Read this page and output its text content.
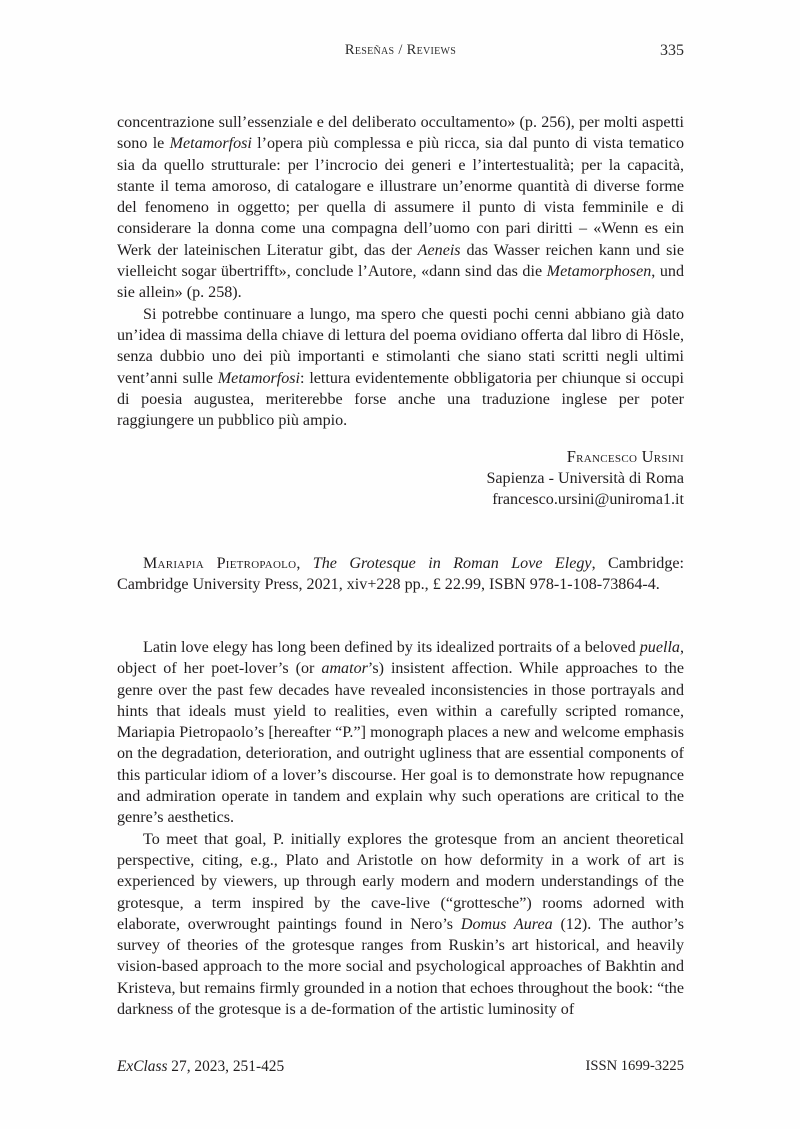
Reseñas / Reviews	335

concentrazione sull’essenziale e del deliberato occultamento» (p. 256), per molti aspetti sono le Metamorfosi l’opera più complessa e più ricca, sia dal punto di vista tematico sia da quello strutturale: per l’incrocio dei generi e l’intertestualità; per la capacità, stante il tema amoroso, di catalogare e illustrare un’enorme quantità di diverse forme del fenomeno in oggetto; per quella di assumere il punto di vista femminile e di considerare la donna come una compagna dell’uomo con pari diritti – «Wenn es ein Werk der lateinischen Literatur gibt, das der Aeneis das Wasser reichen kann und sie vielleicht sogar übertrifft», conclude l’Autore, «dann sind das die Metamorphosen, und sie allein» (p. 258).

Si potrebbe continuare a lungo, ma spero che questi pochi cenni abbiano già dato un’idea di massima della chiave di lettura del poema ovidiano offerta dal libro di Hösle, senza dubbio uno dei più importanti e stimolanti che siano stati scritti negli ultimi vent’anni sulle Metamorfosi: lettura evidentemente obbligatoria per chiunque si occupi di poesia augustea, meriterebbe forse anche una traduzione inglese per poter raggiungere un pubblico più ampio.

Francesco Ursini
Sapienza - Università di Roma
francesco.ursini@uniroma1.it
Mariapia Pietropaolo, The Grotesque in Roman Love Elegy, Cambridge: Cambridge University Press, 2021, xiv+228 pp., £ 22.99, ISBN 978-1-108-73864-4.

Latin love elegy has long been defined by its idealized portraits of a beloved puella, object of her poet-lover’s (or amator’s) insistent affection. While approaches to the genre over the past few decades have revealed inconsistencies in those portrayals and hints that ideals must yield to realities, even within a carefully scripted romance, Mariapia Pietropaolo’s [hereafter “P.”] monograph places a new and welcome emphasis on the degradation, deterioration, and outright ugliness that are essential components of this particular idiom of a lover’s discourse. Her goal is to demonstrate how repugnance and admiration operate in tandem and explain why such operations are critical to the genre’s aesthetics.

To meet that goal, P. initially explores the grotesque from an ancient theoretical perspective, citing, e.g., Plato and Aristotle on how deformity in a work of art is experienced by viewers, up through early modern and modern understandings of the grotesque, a term inspired by the cave-live (“grottesche”) rooms adorned with elaborate, overwrought paintings found in Nero’s Domus Aurea (12). The author’s survey of theories of the grotesque ranges from Ruskin’s art historical, and heavily vision-based approach to the more social and psychological approaches of Bakhtin and Kristeva, but remains firmly grounded in a notion that echoes throughout the book: “the darkness of the grotesque is a de-formation of the artistic luminosity of

ExClass 27, 2023, 251-425	ISSN 1699-3225
